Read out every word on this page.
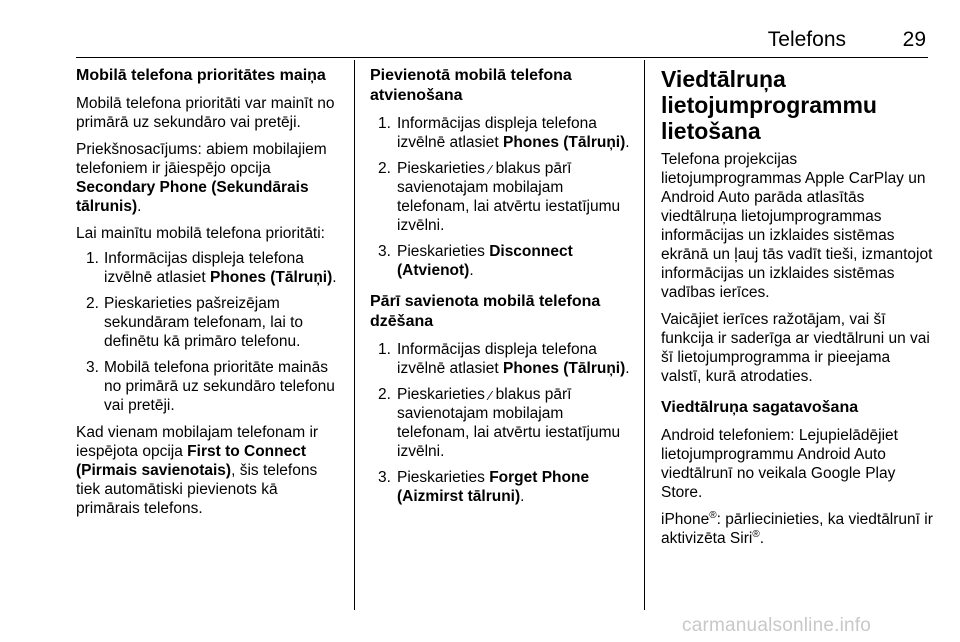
Telefons	29
Mobilā telefona prioritātes maiņa

Mobilā telefona prioritāti var mainīt no primārā uz sekundāro vai pretēji.

Priekšnosacījums: abiem mobilajiem telefoniem ir jāiespējo opcija
Secondary Phone (Sekundārais tālrunis).

Lai mainītu mobilā telefona prioritāti:

1. Informācijas displeja telefona izvēlnē atlasiet Phones (Tālruņi).
2. Pieskarieties pašreizējam sekundāram telefonam, lai to definētu kā primāro telefonu.
3. Mobilā telefona prioritāte mainās no primārā uz sekundāro telefonu vai pretēji.

Kad vienam mobilajam telefonam ir iespējota opcija First to Connect (Pirmais savienotais), šis telefons tiek automātiski pievienots kā primārais telefons.

Pievienotā mobilā telefona atvienošana
1. Informācijas displeja telefona izvēlnē atlasiet Phones (Tālruņi).
2. Pieskarieties ∕ blakus pārī savienotajam mobilajam telefonam, lai atvērtu iestatījumu izvēlni.
3. Pieskarieties Disconnect (Atvienot).
Pārī savienota mobilā telefona dzēšana
1. Informācijas displeja telefona izvēlnē atlasiet Phones (Tālruņi).
2. Pieskarieties ∕ blakus pārī savienotajam mobilajam telefonam, lai atvērtu iestatījumu izvēlni.
3. Pieskarieties Forget Phone (Aizmirst tālruni).
Viedtālruņa lietojumprogrammu lietošana

Telefona projekcijas lietojumprogrammas Apple CarPlay un Android Auto parāda atlasītās viedtālruņa lietojumprogrammas informācijas un izklaides sistēmas ekrānā un ļauj tās vadīt tieši, izmantojot informācijas un izklaides sistēmas vadības ierīces.

Vaicājiet ierīces ražotājam, vai šī funkcija ir saderīga ar viedtālruni un vai šī lietojumprogramma ir pieejama valstī, kurā atrodaties.

Viedtālruņa sagatavošana

Android telefoniem: Lejupielādējiet lietojumprogrammu Android Auto viedtālrunī no veikala Google Play Store.

iPhone®: pārliecinieties, ka viedtālrunī ir aktivizēta Siri®.

carmanualsonline.info
